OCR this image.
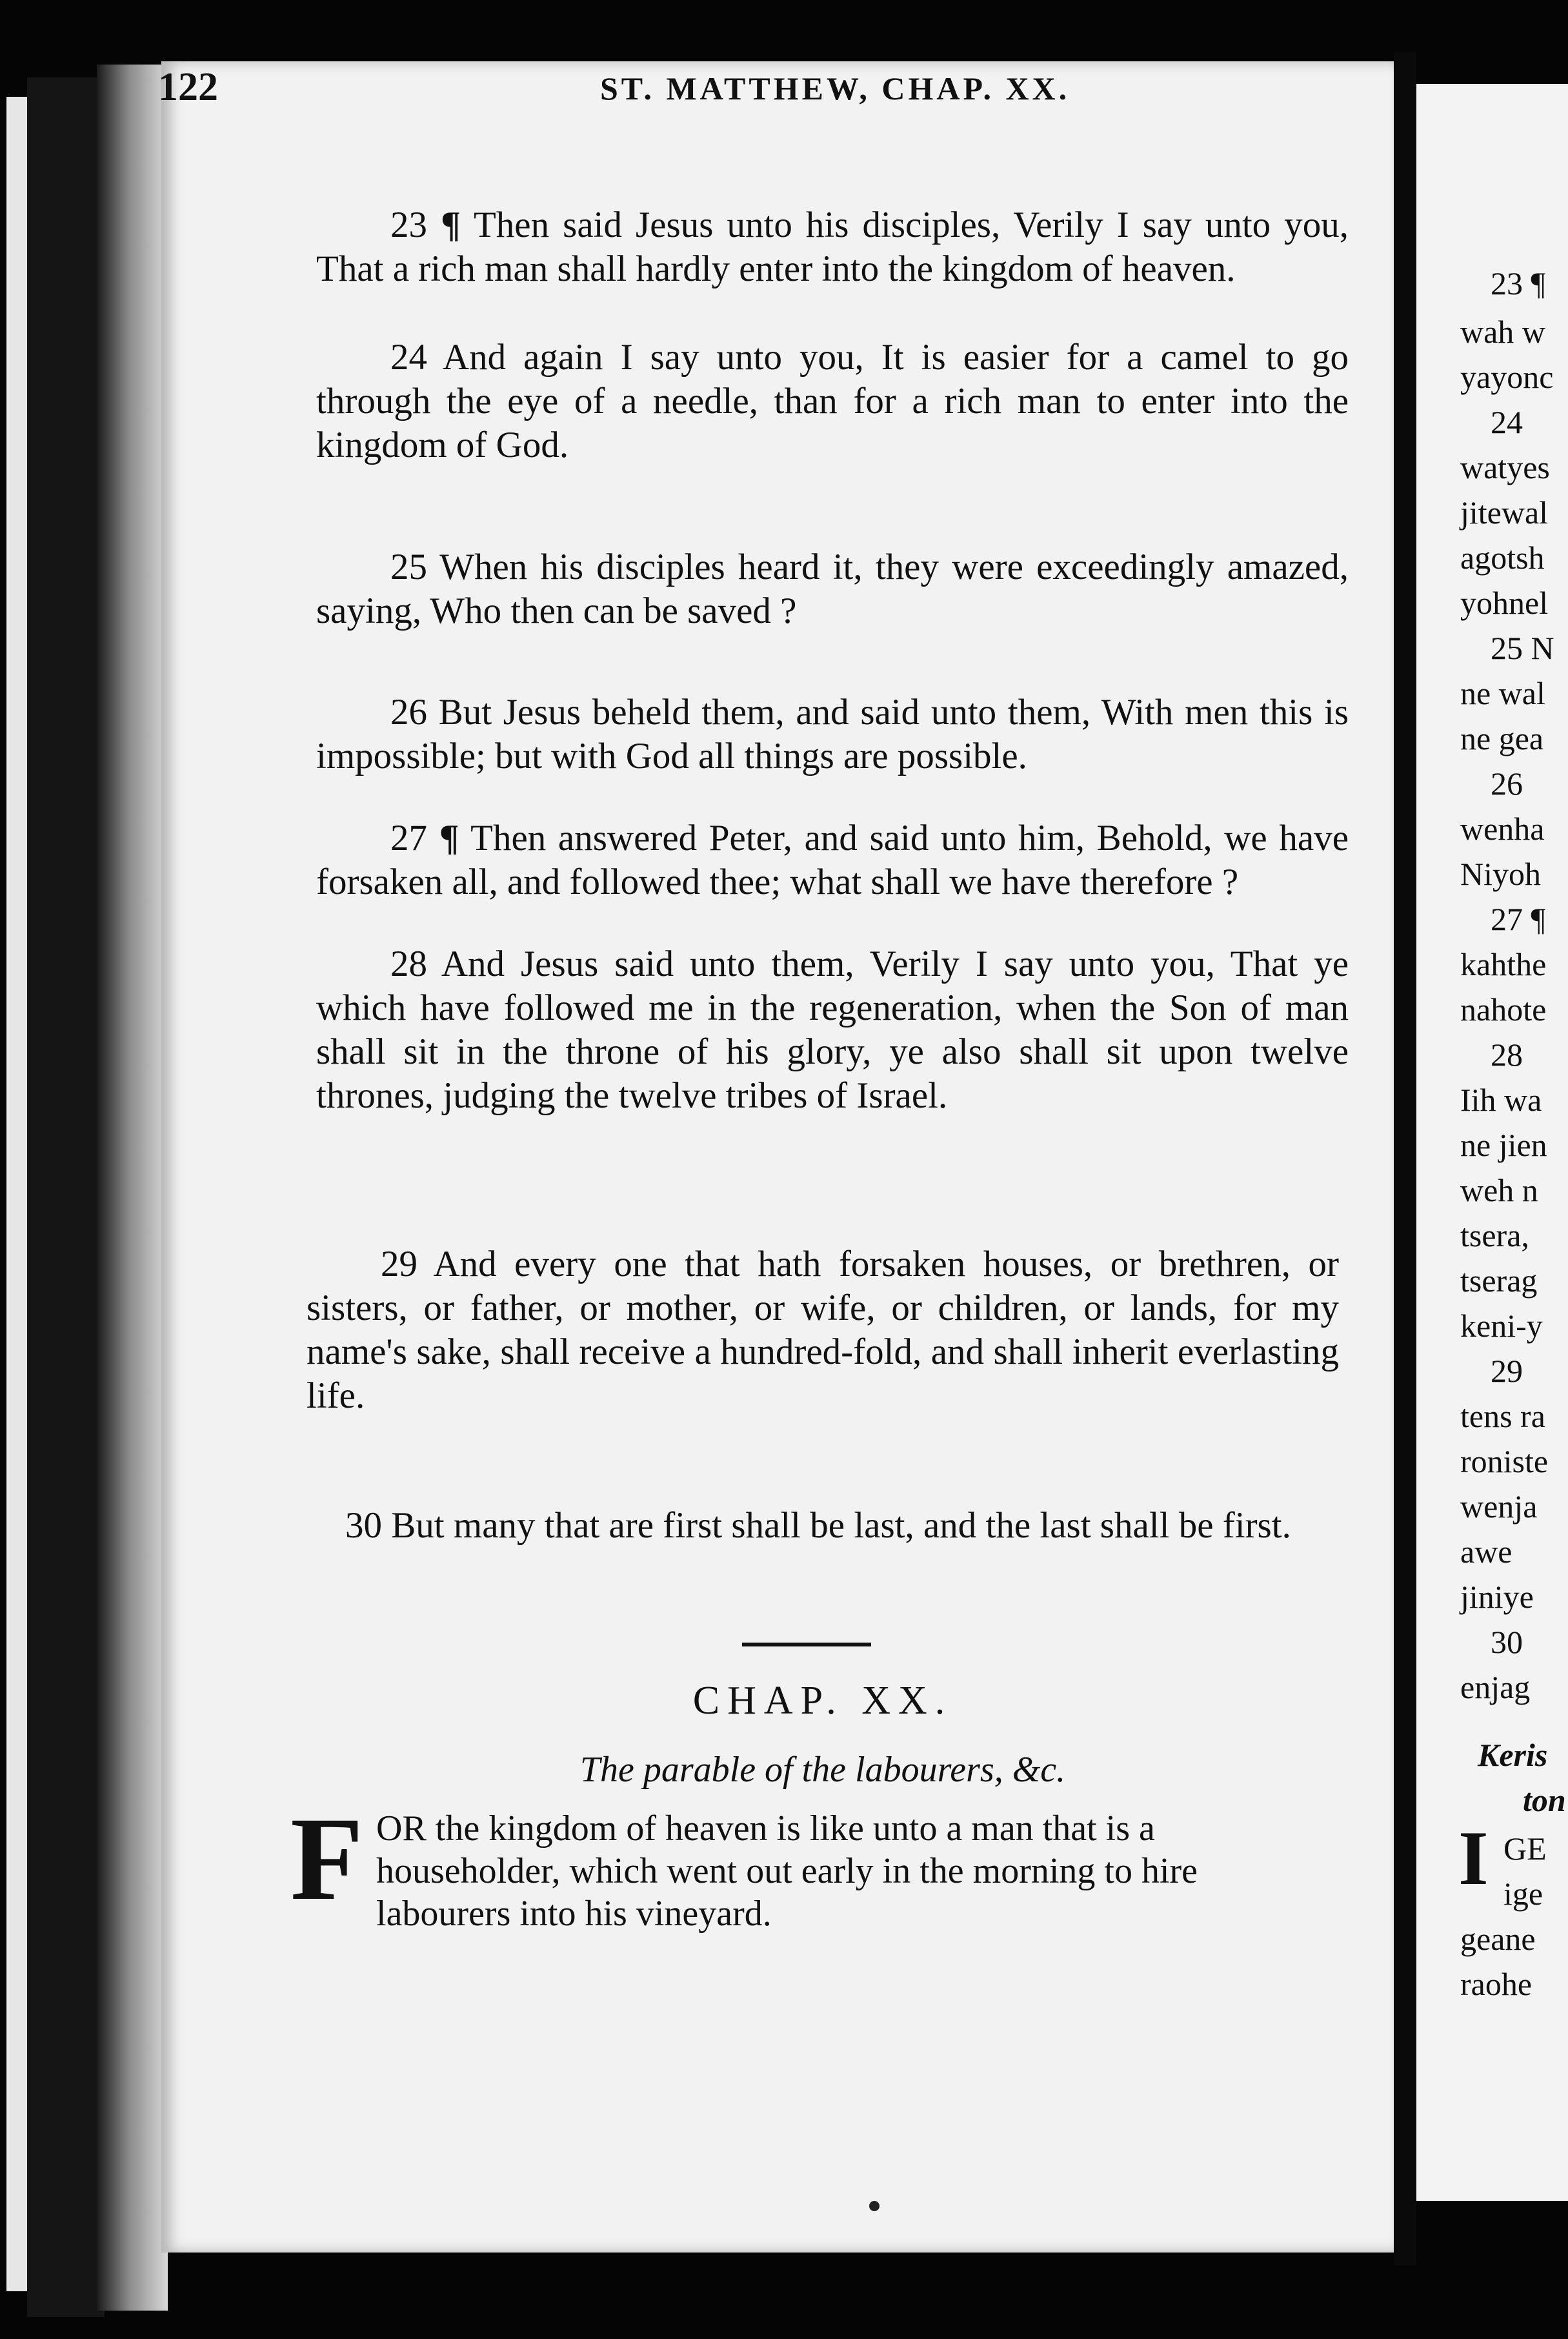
122	ST. MATTHEW, CHAP. XX.

23 ¶ Then said Jesus unto his disciples, Verily I say unto you, That a rich man shall hardly enter into the kingdom of heaven.

24 And again I say unto you, It is easier for a camel to go through the eye of a needle, than for a rich man to enter into the kingdom of God.

25 When his disciples heard it, they were exceedingly amazed, saying, Who then can be saved ?

26 But Jesus beheld them, and said unto them, With men this is impossible; but with God all things are possible.

27 ¶ Then answered Peter, and said unto him, Behold, we have forsaken all, and followed thee; what shall we have therefore ?

28 And Jesus said unto them, Verily I say unto you, That ye which have followed me in the regeneration, when the Son of man shall sit in the throne of his glory, ye also shall sit upon twelve thrones, judging the twelve tribes of Israel.

29 And every one that hath forsaken houses, or brethren, or sisters, or father, or mother, or wife, or children, or lands, for my name's sake, shall receive a hundred-fold, and shall inherit everlasting life.

30 But many that are first shall be last, and the last shall be first.

CHAP. XX.
The parable of the labourers, &c.
F OR the kingdom of heaven is like unto a man that is a householder, which went out early in the morning to hire labourers into his vineyard.
23 ¶
wah w
yayonc
24
watyes
jitewal
agotsh
yohnel
25 N
ne wal
ne gea
26
wenha
Niyoh
27 ¶
kahthe
nahote
28
Iih wa
ne jien
weh n
tsera,
tserag
keni-y
29
tens ra
roniste
wenja
awe
jiniye
30
enjag
Keris
ton
I GE
ige
geane
raohe
